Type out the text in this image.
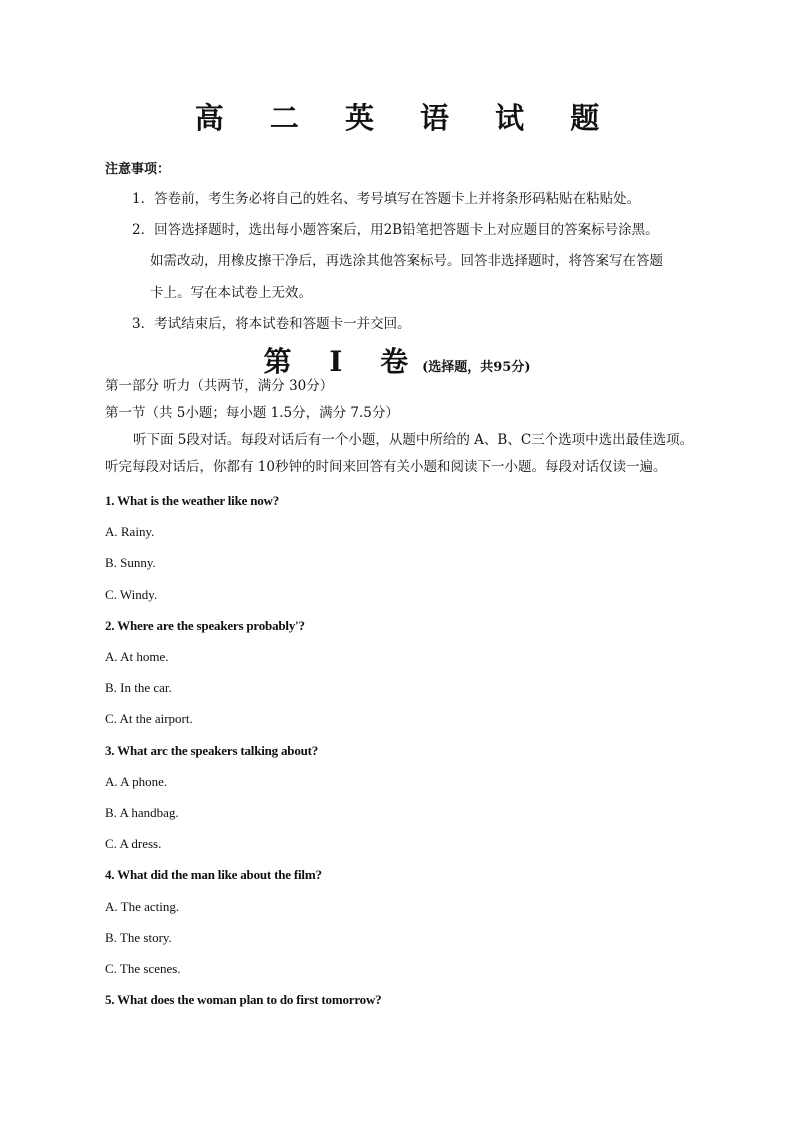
高 二 英 语 试 题
注意事项：
1．答卷前，考生务必将自己的姓名、考号填写在答题卡上并将条形码粘贴在粘贴处。
2．回答选择题时，选出每小题答案后，用2B铅笔把答题卡上对应题目的答案标号涂黑。
如需改动，用橡皮擦干净后，再选涂其他答案标号。回答非选择题时，将答案写在答题
卡上。写在本试卷上无效。
3．考试结束后，将本试卷和答题卡一并交回。
第 I 卷(选择题，共95分)
第一部分 听力（共两节，满分 30分）
第一节（共 5小题；每小题 1.5分，满分 7.5分）
听下面 5段对话。每段对话后有一个小题，从题中所给的 A、B、C三个选项中选出最佳选项。
听完每段对话后，你都有 10秒钟的时间来回答有关小题和阅读下一小题。每段对话仅读一遍。
1. What is the weather like now?
A. Rainy.
B. Sunny.
C. Windy.
2. Where are the speakers probably'?
A. At home.
B. In the car.
C. At the airport.
3. What arc the speakers talking about?
A. A phone.
B. A handbag.
C. A dress.
4. What did the man like about the film?
A. The acting.
B. The story.
C. The scenes.
5. What does the woman plan to do first tomorrow?
